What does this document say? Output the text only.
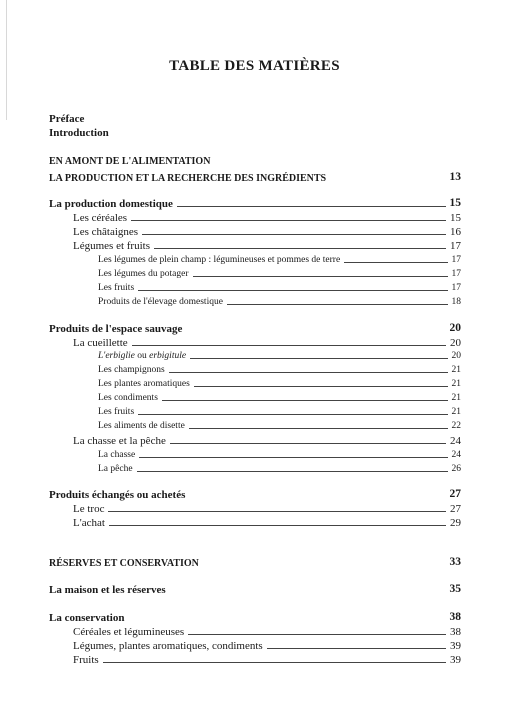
TABLE DES MATIÈRES
Préface
Introduction
EN AMONT DE L'ALIMENTATION
LA PRODUCTION ET LA RECHERCHE DES INGRÉDIENTS	13
La production domestique	15
Les céréales	15
Les châtaignes	16
Légumes et fruits	17
Les légumes de plein champ : légumineuses et pommes de terre	17
Les légumes du potager	17
Les fruits	17
Produits de l'élevage domestique	18
Produits de l'espace sauvage	20
La cueillette	20
L'erbiglie ou erbigitule	20
Les champignons	21
Les plantes aromatiques	21
Les condiments	21
Les fruits	21
Les aliments de disette	22
La chasse et la pêche	24
La chasse	24
La pêche	26
Produits échangés ou achetés	27
Le troc	27
L'achat	29
RÉSERVES ET CONSERVATION	33
La maison et les réserves	35
La conservation	38
Céréales et légumineuses	38
Légumes, plantes aromatiques, condiments	39
Fruits	39
